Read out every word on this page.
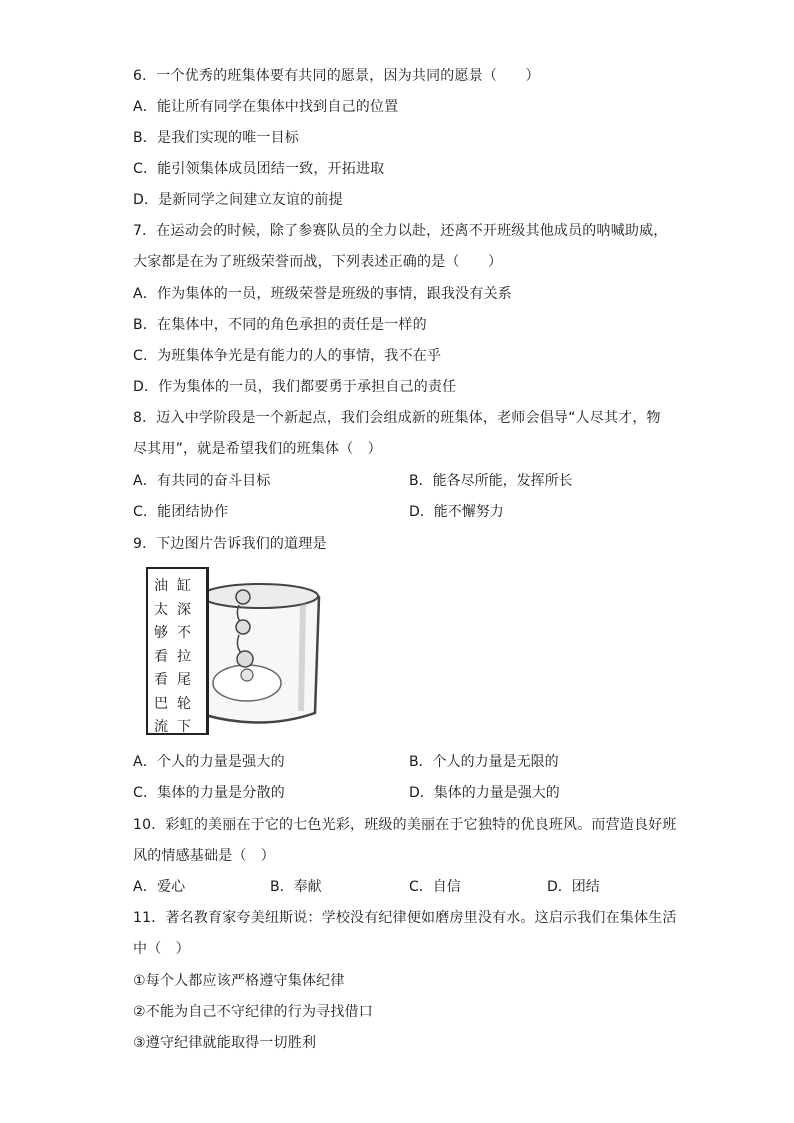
6．一个优秀的班集体要有共同的愿景，因为共同的愿景（　　）
A．能让所有同学在集体中找到自己的位置
B．是我们实现的唯一目标
C．能引领集体成员团结一致，开拓进取
D．是新同学之间建立友谊的前提
7．在运动会的时候，除了参赛队员的全力以赴，还离不开班级其他成员的呐喊助威，
大家都是在为了班级荣誉而战，下列表述正确的是（　　）
A．作为集体的一员，班级荣誉是班级的事情，跟我没有关系
B．在集体中，不同的角色承担的责任是一样的
C．为班集体争光是有能力的人的事情，我不在乎
D．作为集体的一员，我们都要勇于承担自己的责任
8．迈入中学阶段是一个新起点，我们会组成新的班集体，老师会倡导“人尽其才，物
尽其用”，就是希望我们的班集体（　）
A．有共同的奋斗目标	B．能各尽所能，发挥所长
C．能团结协作	D．能不懈努力
9．下边图片告诉我们的道理是
油
太
够
看
看
巴
流
缸
深
不
拉
尾
轮
下
A．个人的力量是强大的	B．个人的力量是无限的
C．集体的力量是分散的	D．集体的力量是强大的
10．彩虹的美丽在于它的七色光彩，班级的美丽在于它独特的优良班风。而营造良好班
风的情感基础是（　）
A．爱心	B．奉献	C．自信	D．团结
11．著名教育家夸美纽斯说：学校没有纪律便如磨房里没有水。这启示我们在集体生活
中（　）
①每个人都应该严格遵守集体纪律
②不能为自己不守纪律的行为寻找借口
③遵守纪律就能取得一切胜利
